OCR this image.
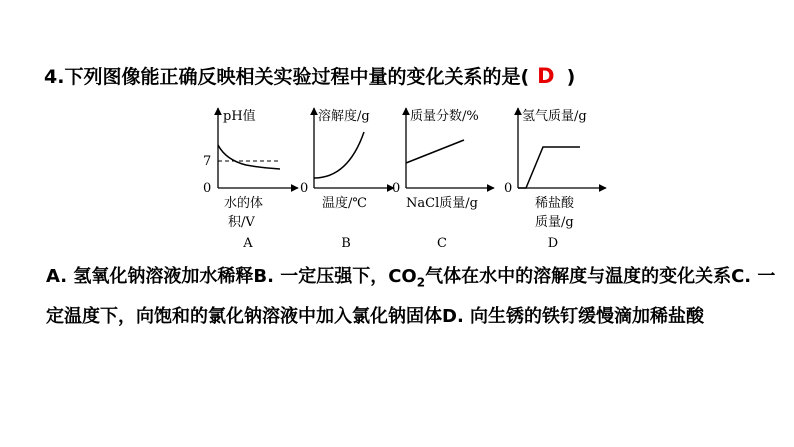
4.下列图像能正确反映相关实验过程中量的变化关系的是( D )
pH值
7
0
水的体
积/V
A
溶解度/g
0
温度/℃
B
质量分数/%
0
NaCl质量/g
C
氢气质量/g
0
稀盐酸
质量/g
D
A. 氢氧化钠溶液加水稀释B. 一定压强下，$CO_2$气体在水中的溶解度与温度的变化关系C. 一定温度下，向饱和的氯化钠溶液中加入氯化钠固体D. 向生锈的铁钉缓慢滴加稀盐酸
